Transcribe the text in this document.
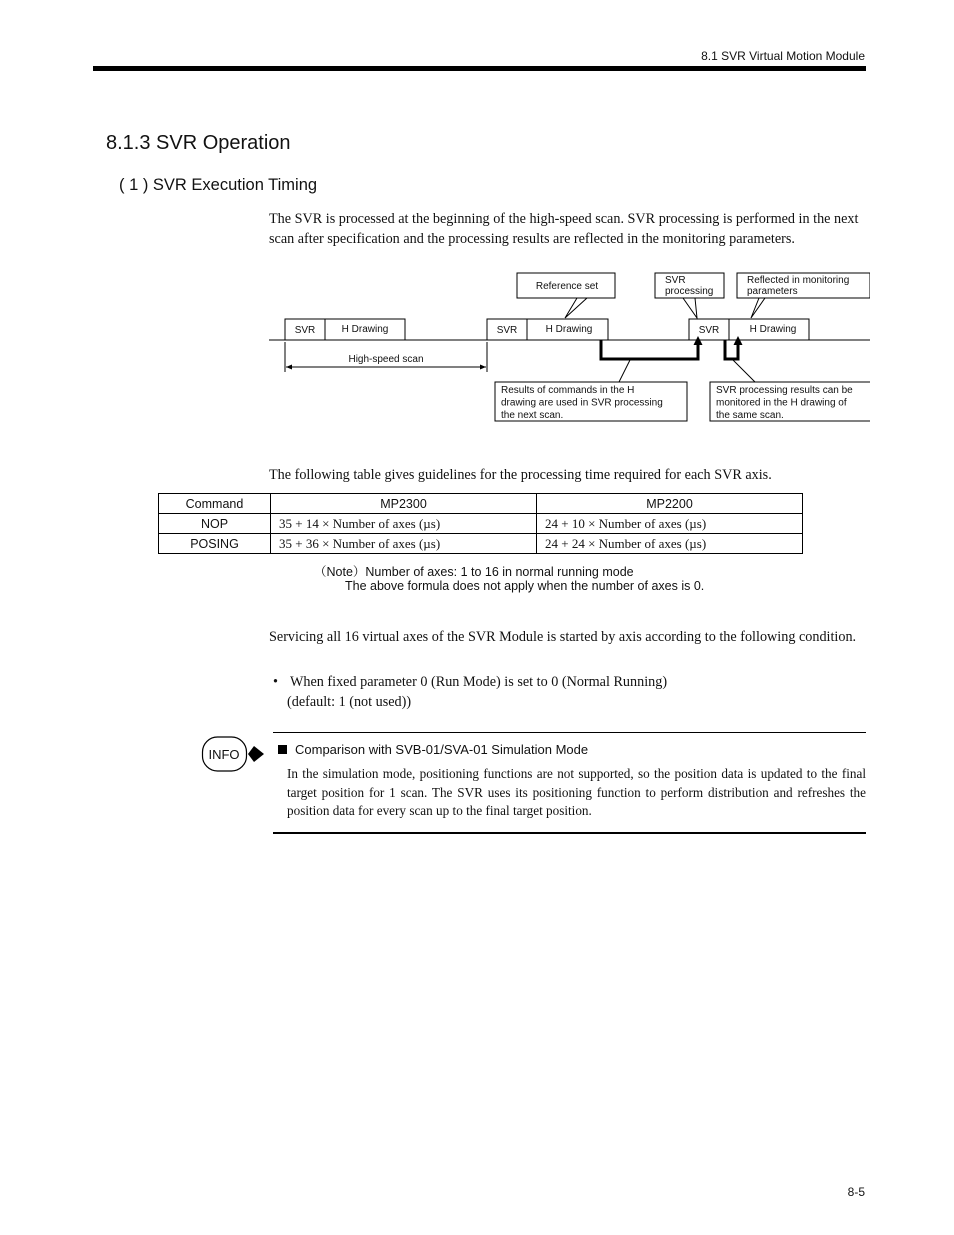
8.1 SVR Virtual Motion Module
8.1.3 SVR Operation
( 1 ) SVR Execution Timing
The SVR is processed at the beginning of the high-speed scan. SVR processing is performed in the next scan after specification and the processing results are reflected in the monitoring parameters.
SVR	H Drawing	SVR	H Drawing	SVR	H Drawing
High-speed scan
Reference set
SVR
processing
Reflected in monitoring
parameters
Results of commands in the H
drawing are used in SVR processing
the next scan.
SVR processing results can be
monitored in the H drawing of
the same scan.
The following table gives guidelines for the processing time required for each SVR axis.
Command	MP2300	MP2200
NOP	35 + 14 × Number of axes (µs)	24 + 10 × Number of axes (µs)
POSING	35 + 36 × Number of axes (µs)	24 + 24 × Number of axes (µs)
（Note）Number of axes: 1 to 16 in normal running mode
The above formula does not apply when the number of axes is 0.
Servicing all 16 virtual axes of the SVR Module is started by axis according to the following condition.
• When fixed parameter 0 (Run Mode) is set to 0 (Normal Running)
(default: 1 (not used))
INFO	Comparison with SVB-01/SVA-01 Simulation Mode
In the simulation mode, positioning functions are not supported, so the position data is updated to the final target position for 1 scan. The SVR uses its positioning function to perform distribution and refreshes the position data for every scan up to the final target position.
8-5
